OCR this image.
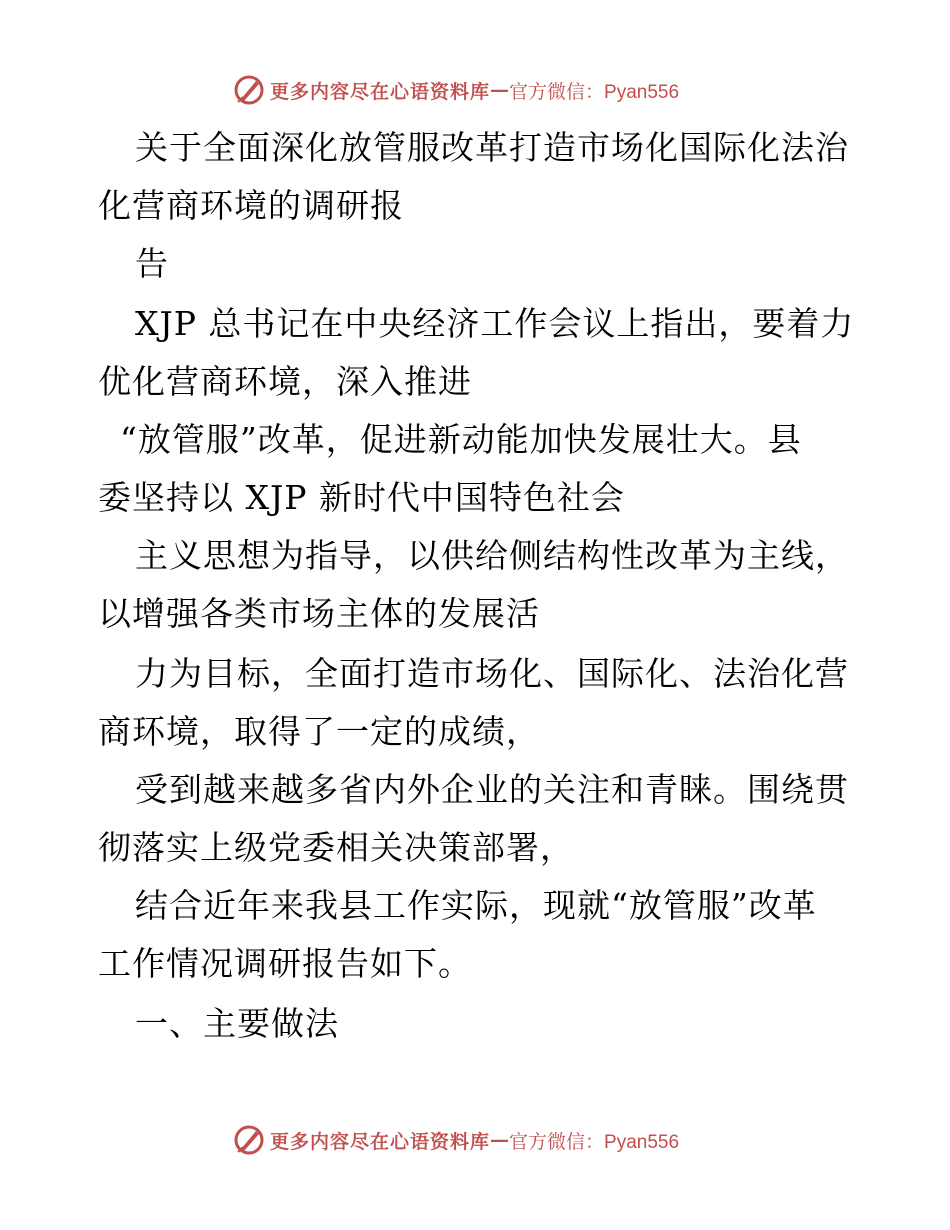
更多内容尽在心语资料库 — 官方微信：Pyan556
关于全面深化放管服改革打造市场化国际化法治
化营商环境的调研报
告
XJP 总书记在中央经济工作会议上指出，要着力
优化营商环境，深入推进
“放管服”改革，促进新动能加快发展壮大。县
委坚持以 XJP 新时代中国特色社会
主义思想为指导，以供给侧结构性改革为主线，
以增强各类市场主体的发展活
力为目标，全面打造市场化、国际化、法治化营
商环境，取得了一定的成绩，
受到越来越多省内外企业的关注和青睐。围绕贯
彻落实上级党委相关决策部署，
结合近年来我县工作实际，现就“放管服”改革
工作情况调研报告如下。
一、主要做法
更多内容尽在心语资料库 — 官方微信：Pyan556
